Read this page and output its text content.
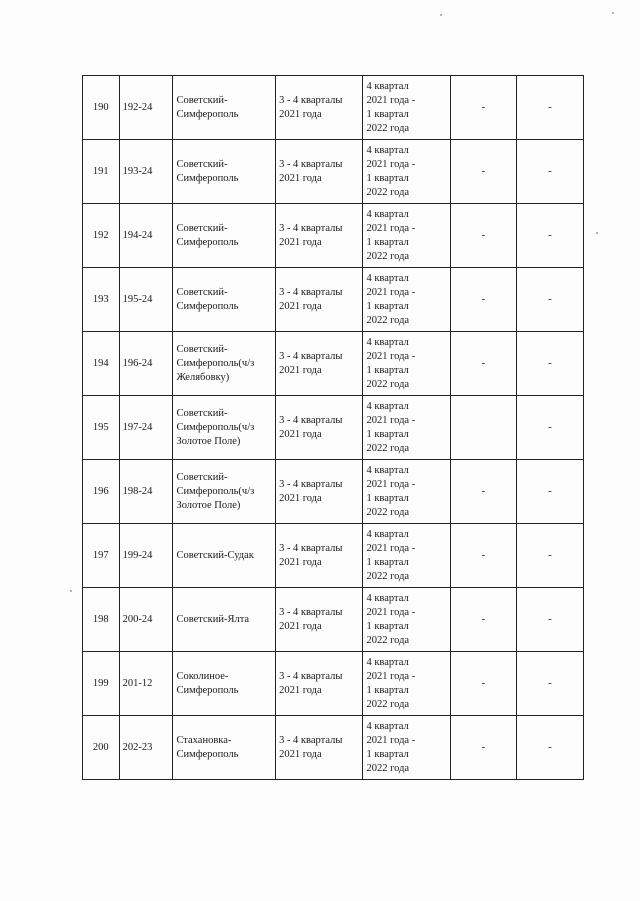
190	192-24	Советский-
Симферополь	3 - 4 кварталы
2021 года	4 квартал
2021 года -
1 квартал
2022 года	-	-
191	193-24	Советский-
Симферополь	3 - 4 кварталы
2021 года	4 квартал
2021 года -
1 квартал
2022 года	-	-
192	194-24	Советский-
Симферополь	3 - 4 кварталы
2021 года	4 квартал
2021 года -
1 квартал
2022 года	-	-
193	195-24	Советский-
Симферополь	3 - 4 кварталы
2021 года	4 квартал
2021 года -
1 квартал
2022 года	-	-
194	196-24	Советский-
Симферополь(ч/з
Желябовку)	3 - 4 кварталы
2021 года	4 квартал
2021 года -
1 квартал
2022 года	-	-
195	197-24	Советский-
Симферополь(ч/з
Золотое Поле)	3 - 4 кварталы
2021 года	4 квартал
2021 года -
1 квартал
2022 года		-
196	198-24	Советский-
Симферополь(ч/з
Золотое Поле)	3 - 4 кварталы
2021 года	4 квартал
2021 года -
1 квартал
2022 года	-	-
197	199-24	Советский-Судак	3 - 4 кварталы
2021 года	4 квартал
2021 года -
1 квартал
2022 года	-	-
198	200-24	Советский-Ялта	3 - 4 кварталы
2021 года	4 квартал
2021 года -
1 квартал
2022 года	-	-
199	201-12	Соколиное-
Симферополь	3 - 4 кварталы
2021 года	4 квартал
2021 года -
1 квартал
2022 года	-	-
200	202-23	Стахановка-
Симферополь	3 - 4 кварталы
2021 года	4 квартал
2021 года -
1 квартал
2022 года	-	-
